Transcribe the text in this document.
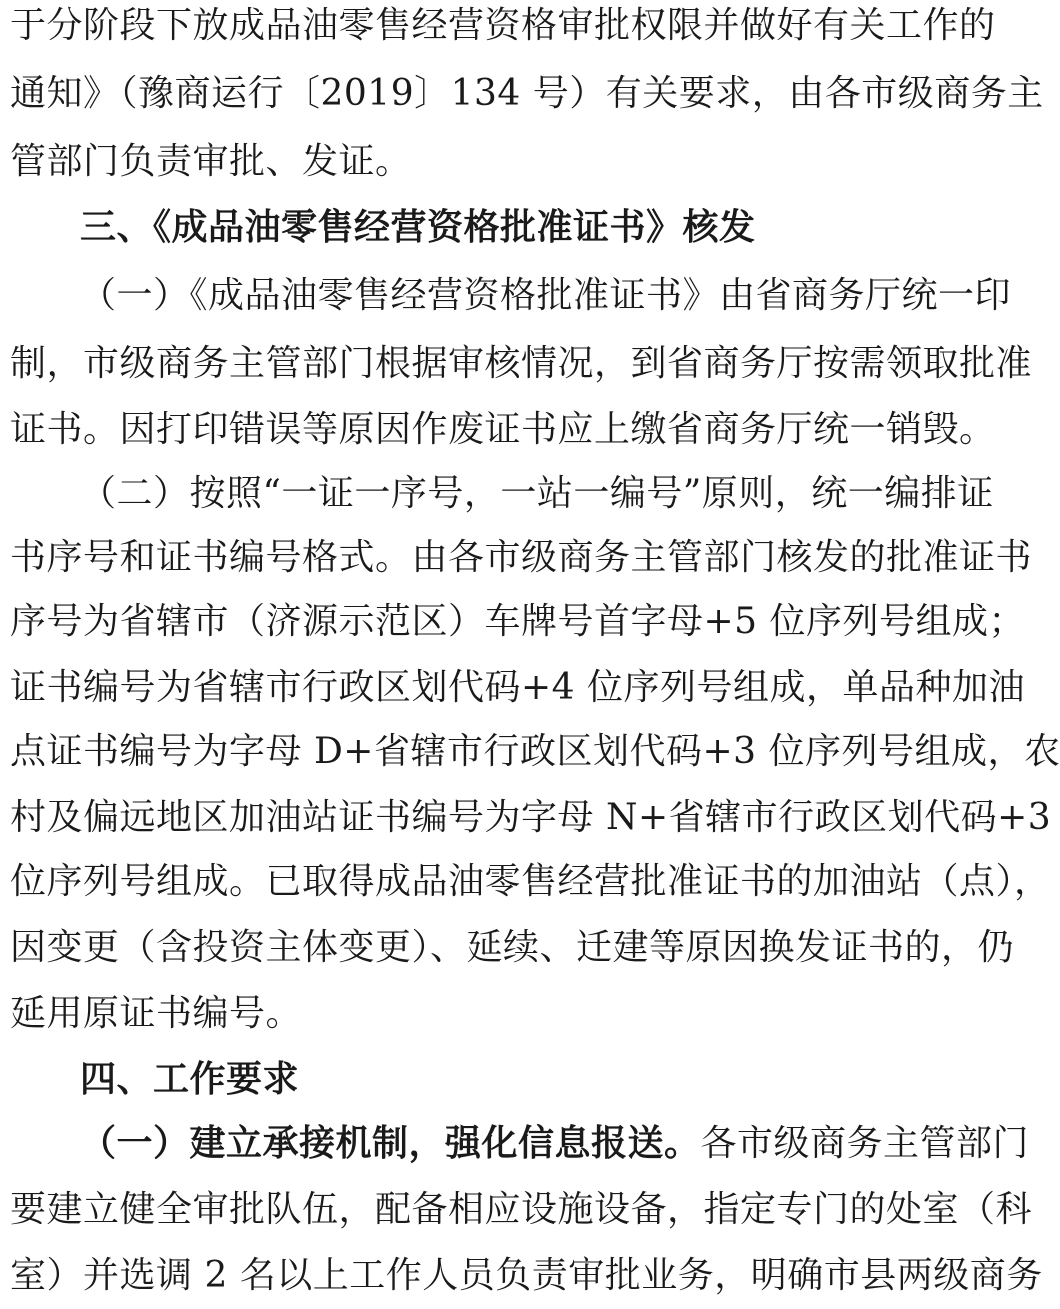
于分阶段下放成品油零售经营资格审批权限并做好有关工作的
通知》（豫商运行〔2019〕134 号）有关要求，由各市级商务主
管部门负责审批、发证。
三、《成品油零售经营资格批准证书》核发
（一）《成品油零售经营资格批准证书》由省商务厅统一印
制，市级商务主管部门根据审核情况，到省商务厅按需领取批准
证书。因打印错误等原因作废证书应上缴省商务厅统一销毁。
（二）按照“一证一序号，一站一编号”原则，统一编排证
书序号和证书编号格式。由各市级商务主管部门核发的批准证书
序号为省辖市（济源示范区）车牌号首字母+5 位序列号组成；
证书编号为省辖市行政区划代码+4 位序列号组成，单品种加油
点证书编号为字母 D+省辖市行政区划代码+3 位序列号组成，农
村及偏远地区加油站证书编号为字母 N+省辖市行政区划代码+3
位序列号组成。已取得成品油零售经营批准证书的加油站（点），
因变更（含投资主体变更）、延续、迁建等原因换发证书的，仍
延用原证书编号。
四、工作要求
（一）建立承接机制，强化信息报送。 各市级商务主管部门
要建立健全审批队伍，配备相应设施设备，指定专门的处室（科
室）并选调 2 名以上工作人员负责审批业务，明确市县两级商务
